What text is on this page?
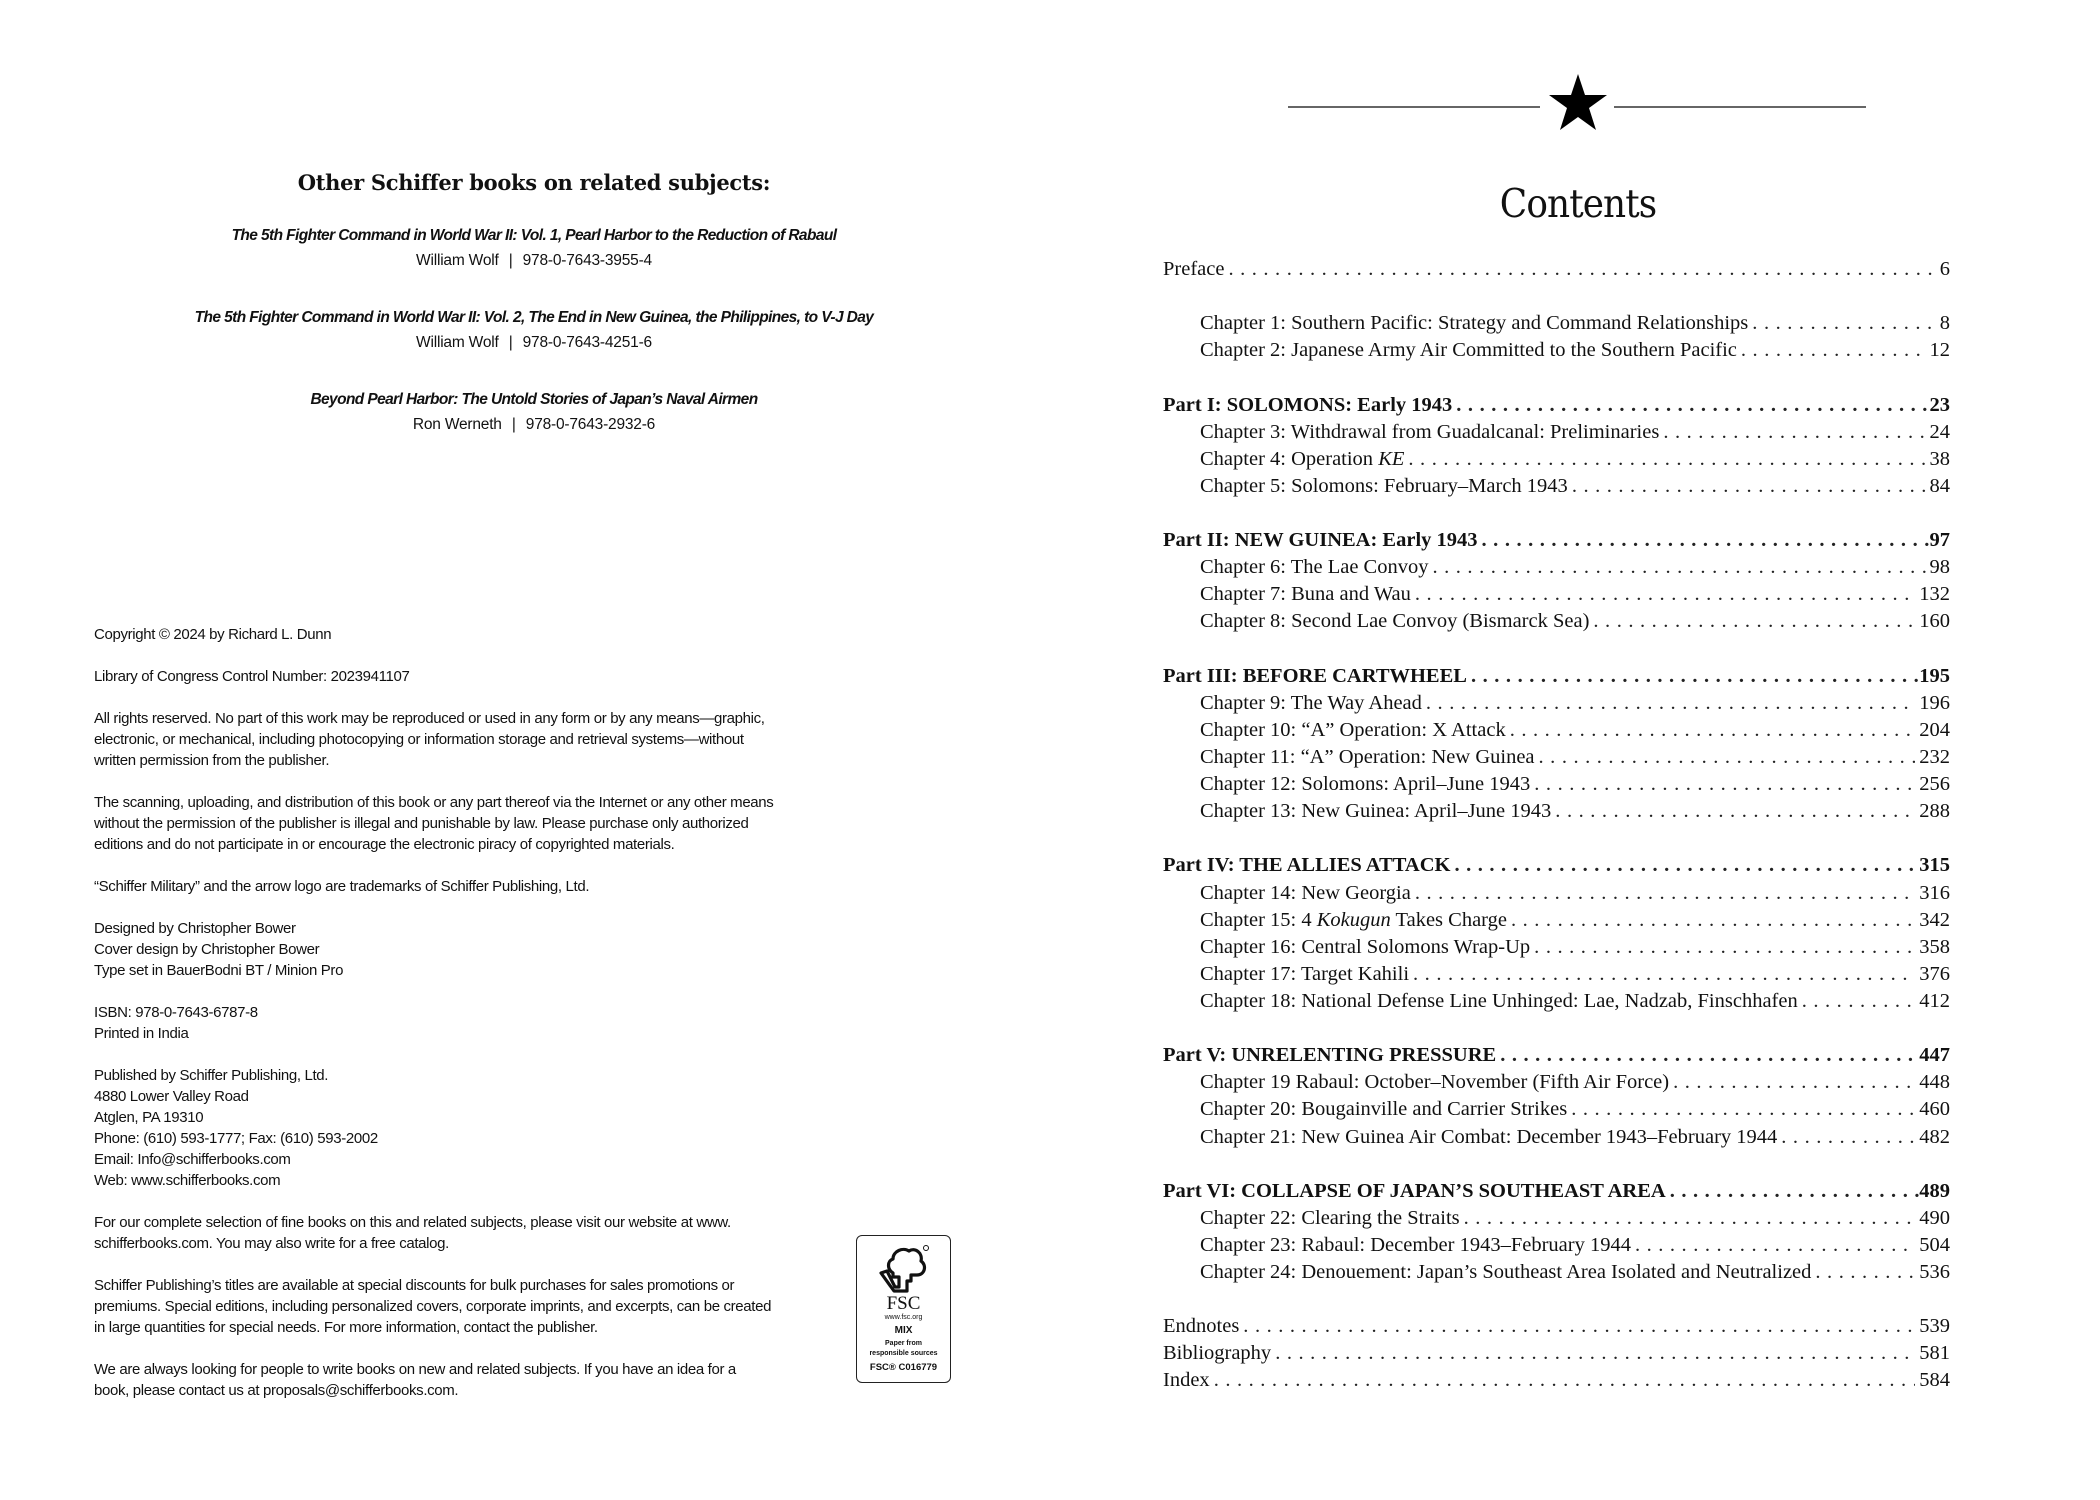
Other Schiffer books on related subjects:
The 5th Fighter Command in World War II: Vol. 1, Pearl Harbor to the Reduction of Rabaul
William Wolf | 978-0-7643-3955-4
The 5th Fighter Command in World War II: Vol. 2, The End in New Guinea, the Philippines, to V-J Day
William Wolf | 978-0-7643-4251-6
Beyond Pearl Harbor: The Untold Stories of Japan’s Naval Airmen
Ron Werneth | 978-0-7643-2932-6
Copyright © 2024 by Richard L. Dunn
Library of Congress Control Number: 2023941107
All rights reserved. No part of this work may be reproduced or used in any form or by any means—graphic,
electronic, or mechanical, including photocopying or information storage and retrieval systems—without
written permission from the publisher.
The scanning, uploading, and distribution of this book or any part thereof via the Internet or any other means
without the permission of the publisher is illegal and punishable by law. Please purchase only authorized
editions and do not participate in or encourage the electronic piracy of copyrighted materials.
“Schiffer Military” and the arrow logo are trademarks of Schiffer Publishing, Ltd.
Designed by Christopher Bower
Cover design by Christopher Bower
Type set in BauerBodni BT / Minion Pro
ISBN: 978-0-7643-6787-8
Printed in India
Published by Schiffer Publishing, Ltd.
4880 Lower Valley Road
Atglen, PA 19310
Phone: (610) 593-1777; Fax: (610) 593-2002
Email: Info@schifferbooks.com
Web: www.schifferbooks.com
For our complete selection of fine books on this and related subjects, please visit our website at www.
schifferbooks.com. You may also write for a free catalog.
Schiffer Publishing’s titles are available at special discounts for bulk purchases for sales promotions or
premiums. Special editions, including personalized covers, corporate imprints, and excerpts, can be created
in large quantities for special needs. For more information, contact the publisher.
We are always looking for people to write books on new and related subjects. If you have an idea for a
book, please contact us at proposals@schifferbooks.com.
FSC
www.fsc.org
MIX
Paper from
responsible sources
FSC® C016779
Contents
Preface . . .	6
Chapter 1: Southern Pacific: Strategy and Command Relationships . . .	8
Chapter 2: Japanese Army Air Committed to the Southern Pacific . . .	12
Part I: SOLOMONS: Early 1943 . . .	23
Chapter 3: Withdrawal from Guadalcanal: Preliminaries . . .	24
Chapter 4: Operation KE . . .	38
Chapter 5: Solomons: February–March 1943 . . .	84
Part II: NEW GUINEA: Early 1943 . . .	97
Chapter 6: The Lae Convoy . . .	98
Chapter 7: Buna and Wau . . .	132
Chapter 8: Second Lae Convoy (Bismarck Sea) . . .	160
Part III: BEFORE CARTWHEEL . . .	195
Chapter 9: The Way Ahead . . .	196
Chapter 10: “A” Operation: X Attack . . .	204
Chapter 11: “A” Operation: New Guinea . . .	232
Chapter 12: Solomons: April–June 1943 . . .	256
Chapter 13: New Guinea: April–June 1943 . . .	288
Part IV: THE ALLIES ATTACK . . .	315
Chapter 14: New Georgia . . .	316
Chapter 15: 4 Kokugun Takes Charge . . .	342
Chapter 16: Central Solomons Wrap-Up . . .	358
Chapter 17: Target Kahili . . .	376
Chapter 18: National Defense Line Unhinged: Lae, Nadzab, Finschhafen . . .	412
Part V: UNRELENTING PRESSURE . . .	447
Chapter 19 Rabaul: October–November (Fifth Air Force) . . .	448
Chapter 20: Bougainville and Carrier Strikes . . .	460
Chapter 21: New Guinea Air Combat: December 1943–February 1944 . . .	482
Part VI: COLLAPSE OF JAPAN’S SOUTHEAST AREA . . .	489
Chapter 22: Clearing the Straits . . .	490
Chapter 23: Rabaul: December 1943–February 1944 . . .	504
Chapter 24: Denouement: Japan’s Southeast Area Isolated and Neutralized . . .	536
Endnotes . . .	539
Bibliography . . .	581
Index . . .	584
